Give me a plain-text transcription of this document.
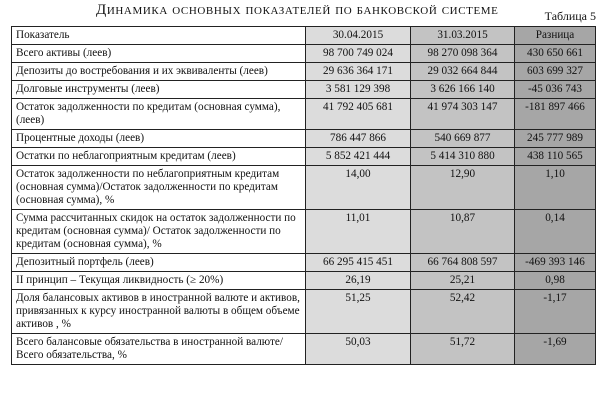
Динамика основных показателей по банковской системе	Таблица 5
Показатель	30.04.2015	31.03.2015	Разница
Всего активы (леев)	98 700 749 024	98 270 098 364	430 650 661
Депозиты до востребования и их эквиваленты (леев)	29 636 364 171	29 032 664 844	603 699 327
Долговые инструменты (леев)	3 581 129 398	3 626 166 140	-45 036 743
Остаток задолженности по кредитам (основная сумма), (леев)	41 792 405 681	41 974 303 147	-181 897 466
Процентные доходы (леев)	786 447 866	540 669 877	245 777 989
Остатки по неблагоприятным кредитам (леев)	5 852 421 444	5 414 310 880	438 110 565
Остаток задолженности по неблагоприятным кредитам (основная сумма)/Остаток задолженности по кредитам (основная сумма), %	14,00	12,90	1,10
Сумма рассчитанных скидок на остаток задолженности по кредитам (основная сумма)/ Остаток задолженности по кредитам (основная сумма), %	11,01	10,87	0,14
Депозитный портфель (леев)	66 295 415 451	66 764 808 597	-469 393 146
II принцип – Текущая ликвидность (≥ 20%)	26,19	25,21	0,98
Доля балансовых активов в иностранной валюте и активов, привязанных к курсу иностранной валюты в общем объеме активов , %	51,25	52,42	-1,17
Всего балансовые обязательства в иностранной валюте/Всего обязательства, %	50,03	51,72	-1,69
